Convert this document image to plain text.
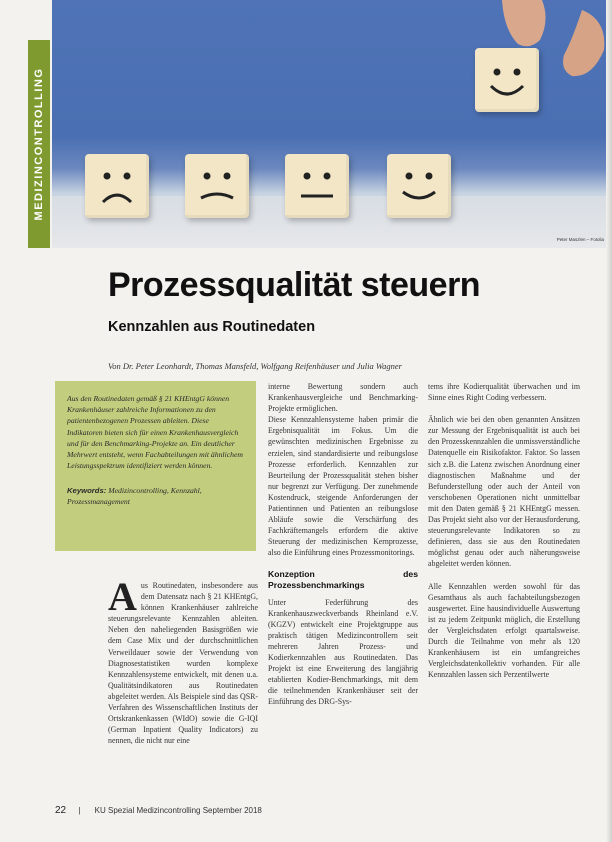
Peter Maszlen – Fotolia
MEDIZINCONTROLLING
Prozessqualität steuern
Kennzahlen aus Routinedaten
Von Dr. Peter Leonhardt, Thomas Mansfeld, Wolfgang Reifenhäuser und Julia Wagner

Aus den Routinedaten gemäß § 21 KHEntgG können Krankenhäuser zahlreiche Informationen zu den patientenbezogenen Prozessen ableiten. Diese Indikatoren bieten sich für einen Krankenhausvergleich und für den Benchmarking-Projekte an. Ein deutlicher Mehrwert entsteht, wenn Fachabteilungen mit ähnlichem Leistungsspektrum identifiziert werden können.

Keywords: Medizincontrolling, Kennzahl, Prozessmanagement

A us Routinedaten, insbesondere aus dem Datensatz nach § 21 KHEntgG, können Krankenhäuser zahlreiche steuerungsrelevante Kennzahlen ableiten. Neben den naheliegenden Basisgrößen wie dem Case Mix und der durchschnittlichen Verweildauer sowie der Verwendung von Diagnosestatistiken wurden komplexe Kennzahlensysteme entwickelt, mit denen u.a. Qualitätsindikatoren aus Routinedaten abgeleitet werden. Als Beispiele sind das QSR-Verfahren des Wissenschaftlichen Instituts der Ortskrankenkassen (WIdO) sowie die G-IQI (German Inpatient Quality Indicators) zu nennen, die nicht nur eine

interne Bewertung sondern auch Krankenhausvergleiche und Benchmarking-Projekte ermöglichen.

Diese Kennzahlensysteme haben primär die Ergebnisqualität im Fokus. Um die gewünschten medizinischen Ergebnisse zu erzielen, sind standardisierte und reibungslose Prozesse erforderlich. Kennzahlen zur Beurteilung der Prozessqualität stehen bisher nur begrenzt zur Verfügung. Der zunehmende Kostendruck, steigende Anforderungen der Patientinnen und Patienten an reibungslose Abläufe sowie die Verschärfung des Fachkräftemangels erfordern die aktive Steuerung der medizinischen Kernprozesse, also die Einführung eines Prozessmonitorings.

Konzeption des Prozessbenchmarkings

Unter Federführung des Krankenhauszweckverbands Rheinland e.V. (KGZV) entwickelt eine Projektgruppe aus praktisch tätigen Medizincontrollern seit mehreren Jahren Prozess- und Kodierkennzahlen aus Routinedaten. Das Projekt ist eine Erweiterung des langjährig etablierten Kodier-Benchmarkings, mit dem die teilnehmenden Krankenhäuser seit der Einführung des DRG-Sys-

tems ihre Kodierqualität überwachen und im Sinne eines Right Coding verbessern.

Ähnlich wie bei den oben genannten Ansätzen zur Messung der Ergebnisqualität ist auch bei den Prozesskennzahlen die unmissverständliche Datenquelle ein Risikofaktor. Faktor. So lassen sich z.B. die Latenz zwischen Anordnung einer diagnostischen Maßnahme und der Befunderstellung oder auch der Anteil von verschobenen Operationen nicht unmittelbar mit den Daten gemäß § 21 KHEntgG messen. Das Projekt sieht also vor der Herausforderung, steuerungsrelevante Indikatoren so zu definieren, dass sie aus den Routinedaten möglichst genau oder auch näherungsweise abgeleitet werden können.

Alle Kennzahlen werden sowohl für das Gesamthaus als auch fachabteilungsbezogen ausgewertet. Eine hausindividuelle Auswertung ist zu jedem Zeitpunkt möglich, die Erstellung der Vergleichsdaten erfolgt quartalsweise. Durch die Teilnahme von mehr als 120 Krankenhäusern ist ein umfangreiches Vergleichsdatenkollektiv vorhanden. Für alle Kennzahlen lassen sich Perzentilwerte

22 | KU Spezial Medizincontrolling September 2018
